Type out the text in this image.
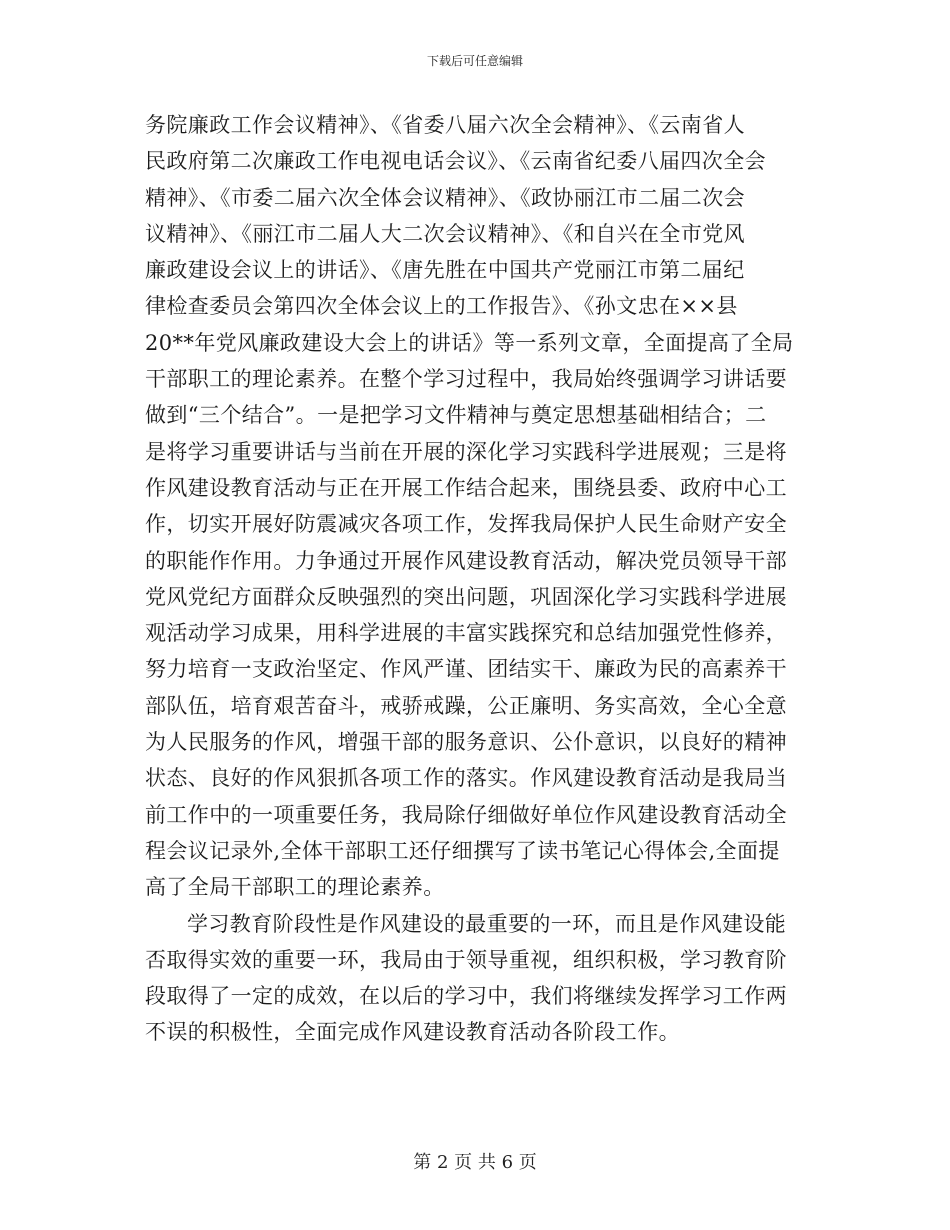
下载后可任意编辑
务院廉政工作会议精神》、《省委八届六次全会精神》、《云南省人
民政府第二次廉政工作电视电话会议》、《云南省纪委八届四次全会
精神》、《市委二届六次全体会议精神》、《政协丽江市二届二次会
议精神》、《丽江市二届人大二次会议精神》、《和自兴在全市党风
廉政建设会议上的讲话》、《唐先胜在中国共产党丽江市第二届纪
律检查委员会第四次全体会议上的工作报告》、《孙文忠在××县
20**年党风廉政建设大会上的讲话》等一系列文章，全面提高了全局
干部职工的理论素养。在整个学习过程中，我局始终强调学习讲话要
做到“三个结合”。一是把学习文件精神与奠定思想基础相结合；二
是将学习重要讲话与当前在开展的深化学习实践科学进展观；三是将
作风建设教育活动与正在开展工作结合起来，围绕县委、政府中心工
作，切实开展好防震减灾各项工作，发挥我局保护人民生命财产安全
的职能作作用。力争通过开展作风建设教育活动，解决党员领导干部
党风党纪方面群众反映强烈的突出问题，巩固深化学习实践科学进展
观活动学习成果，用科学进展的丰富实践探究和总结加强党性修养，
努力培育一支政治坚定、作风严谨、团结实干、廉政为民的高素养干
部队伍，培育艰苦奋斗，戒骄戒躁，公正廉明、务实高效，全心全意
为人民服务的作风，增强干部的服务意识、公仆意识，以良好的精神
状态、良好的作风狠抓各项工作的落实。作风建设教育活动是我局当
前工作中的一项重要任务，我局除仔细做好单位作风建设教育活动全
程会议记录外,全体干部职工还仔细撰写了读书笔记心得体会,全面提
高了全局干部职工的理论素养。
学习教育阶段性是作风建设的最重要的一环，而且是作风建设能
否取得实效的重要一环，我局由于领导重视，组织积极，学习教育阶
段取得了一定的成效，在以后的学习中，我们将继续发挥学习工作两
不误的积极性，全面完成作风建设教育活动各阶段工作。
第 2 页 共 6 页
